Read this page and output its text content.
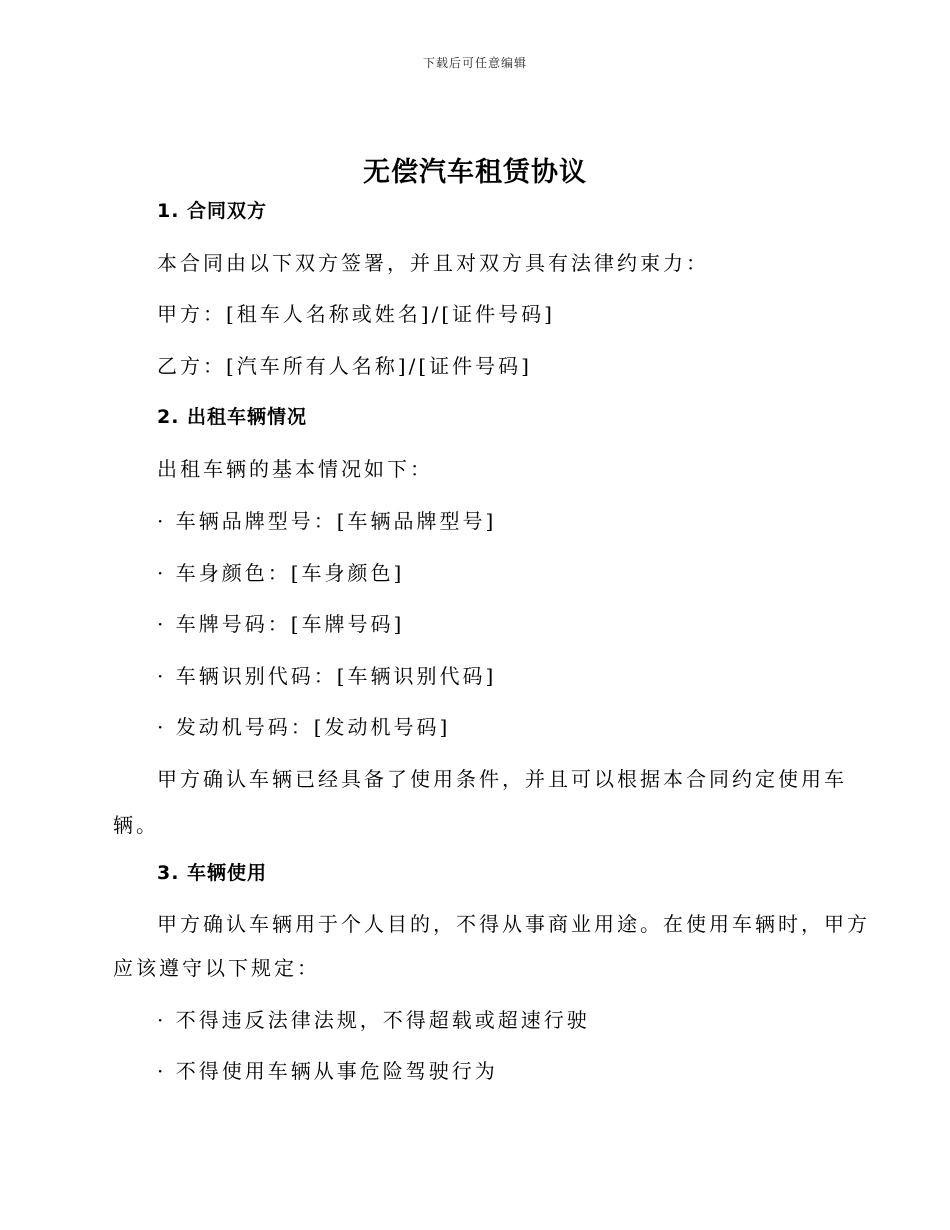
下载后可任意编辑
无偿汽车租赁协议
1. 合同双方
本合同由以下双方签署，并且对双方具有法律约束力：
甲方：[租车人名称或姓名]/[证件号码]
乙方：[汽车所有人名称]/[证件号码]
2. 出租车辆情况
出租车辆的基本情况如下：
· 车辆品牌型号：[车辆品牌型号]
· 车身颜色：[车身颜色]
· 车牌号码：[车牌号码]
· 车辆识别代码：[车辆识别代码]
· 发动机号码：[发动机号码]
甲方确认车辆已经具备了使用条件，并且可以根据本合同约定使用车
辆。
3. 车辆使用
甲方确认车辆用于个人目的，不得从事商业用途。在使用车辆时，甲方
应该遵守以下规定：
· 不得违反法律法规，不得超载或超速行驶
· 不得使用车辆从事危险驾驶行为
